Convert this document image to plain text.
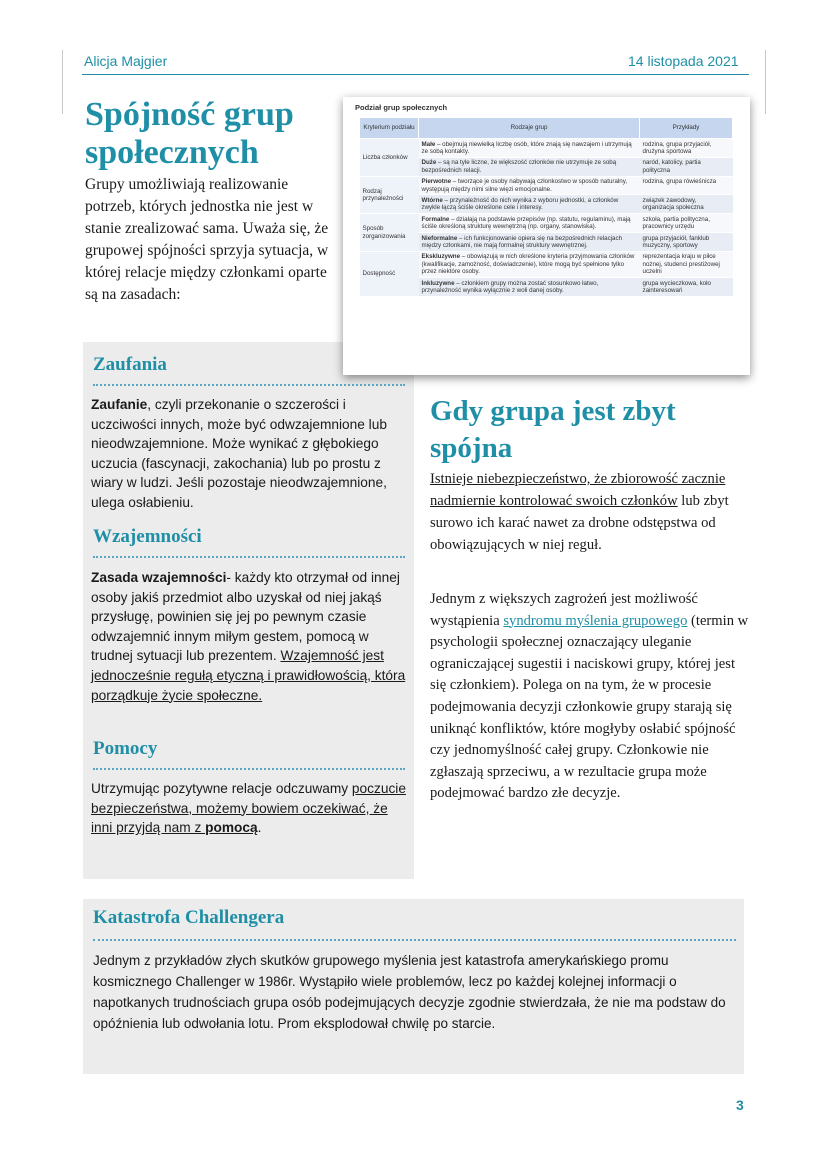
Alicja Majgier	14 listopada 2021
Spójność grup społecznych
Grupy umożliwiają realizowanie potrzeb, których jednostka nie jest w stanie zrealizować sama. Uważa się, że grupowej spójności sprzyja sytuacja, w której relacje między członkami oparte są na zasadach:
Podział grup społecznych
Kryterium podziału	Rodzaje grup	Przykłady
Liczba członków	Małe – obejmują niewielką liczbę osób, które znają się nawzajem i utrzymują ze sobą kontakty.	rodzina, grupa przyjaciół, drużyna sportowa
	Duże – są na tyle liczne, że większość członków nie utrzymuje ze sobą bezpośrednich relacji.	naród, katolicy, partia polityczna
Rodzaj przynależności	Pierwotne – tworzące je osoby nabywają członkostwo w sposób naturalny, występują między nimi silne więzi emocjonalne.	rodzina, grupa rówieśnicza
	Wtórne – przynależność do nich wynika z wyboru jednostki, a członków zwykle łączą ściśle określone cele i interesy.	związek zawodowy, organizacja społeczna
Sposób zorganizowania	Formalne – działają na podstawie przepisów (np. statutu, regulaminu), mają ściśle określoną strukturę wewnętrzną (np. organy, stanowiska).	szkoła, partia polityczna, pracownicy urzędu
	Nieformalne – ich funkcjonowanie opiera się na bezpośrednich relacjach między członkami, nie mają formalnej struktury wewnętrznej.	grupa przyjaciół, fanklub muzyczny, sportowy
Dostępność	Ekskluzywne – obowiązują w nich określone kryteria przyjmowania członków (kwalifikacje, zamożność, doświadczenie), które mogą być spełnione tylko przez niektóre osoby.	reprezentacja kraju w piłce nożnej, studenci prestiżowej uczelni
	Inkluzywne – członkiem grupy można zostać stosunkowo łatwo, przynależność wynika wyłącznie z woli danej osoby.	grupa wycieczkowa, koło zainteresowań
Zaufania
Zaufanie, czyli przekonanie o szczerości i uczciwości innych, może być odwzajemnione lub nieodwzajemnione. Może wynikać z głębokiego uczucia (fascynacji, zakochania) lub po prostu z wiary w ludzi. Jeśli pozostaje nieodwzajemnione, ulega osłabieniu.
Wzajemności
Zasada wzajemności- każdy kto otrzymał od innej osoby jakiś przedmiot albo uzyskał od niej jakąś przysługę, powinien się jej po pewnym czasie odwzajemnić innym miłym gestem, pomocą w trudnej sytuacji lub prezentem. Wzajemność jest jednocześnie regułą etyczną i prawidłowością, która porządkuje życie społeczne.
Pomocy
Utrzymując pozytywne relacje odczuwamy poczucie bezpieczeństwa, możemy bowiem oczekiwać, że inni przyjdą nam z pomocą.
Gdy grupa jest zbyt spójna
Istnieje niebezpieczeństwo, że zbiorowość zacznie nadmiernie kontrolować swoich członków lub zbyt surowo ich karać nawet za drobne odstępstwa od obowiązujących w niej reguł.
Jednym z większych zagrożeń jest możliwość wystąpienia syndromu myślenia grupowego (termin w psychologii społecznej oznaczający uleganie ograniczającej sugestii i naciskowi grupy, której jest się członkiem). Polega on na tym, że w procesie podejmowania decyzji członkowie grupy starają się uniknąć konfliktów, które mogłyby osłabić spójność czy jednomyślność całej grupy. Członkowie nie zgłaszają sprzeciwu, a w rezultacie grupa może podejmować bardzo złe decyzje.
Katastrofa Challengera
Jednym z przykładów złych skutków grupowego myślenia jest katastrofa amerykańskiego promu kosmicznego Challenger w 1986r. Wystąpiło wiele problemów, lecz po każdej kolejnej informacji o napotkanych trudnościach grupa osób podejmujących decyzje zgodnie stwierdzała, że nie ma podstaw do opóźnienia lub odwołania lotu. Prom eksplodował chwilę po starcie.
3
